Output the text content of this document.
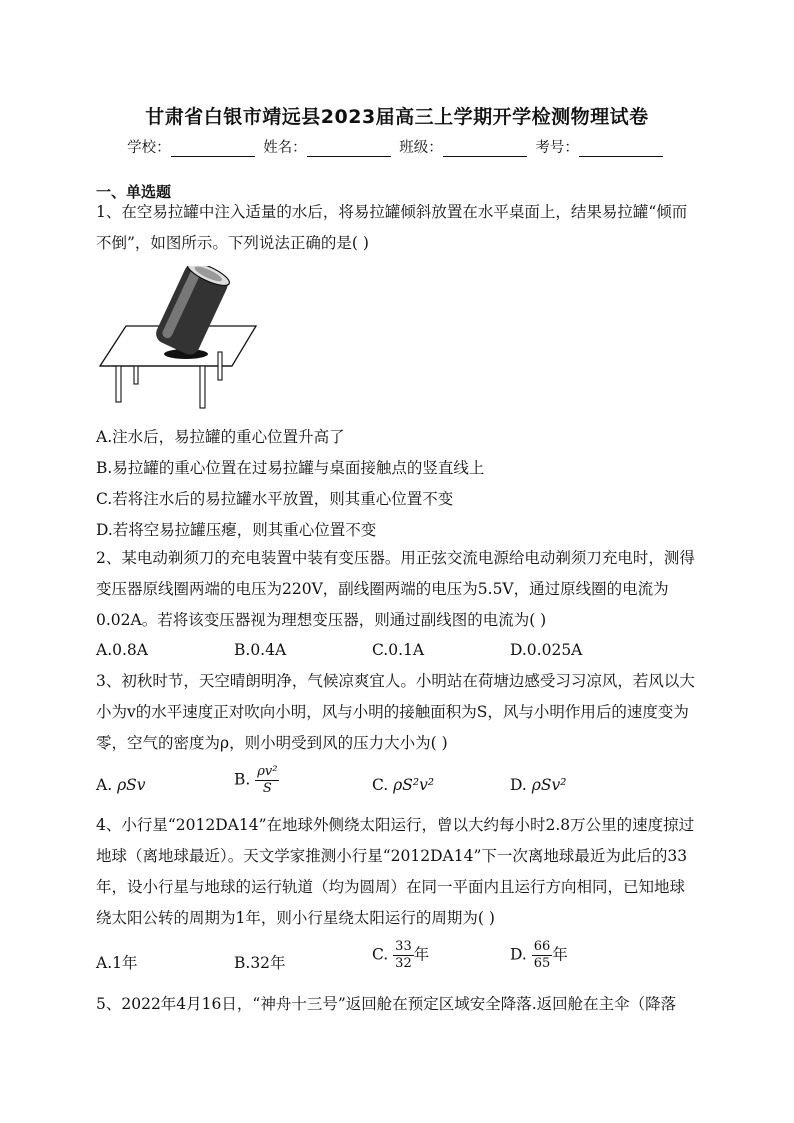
甘肃省白银市靖远县2023届高三上学期开学检测物理试卷
学校：	姓名：	班级：	考号：
一、单选题
1、在空易拉罐中注入适量的水后，将易拉罐倾斜放置在水平桌面上，结果易拉罐“倾而不倒”，如图所示。下列说法正确的是( )
A.注水后，易拉罐的重心位置升高了
B.易拉罐的重心位置在过易拉罐与桌面接触点的竖直线上
C.若将注水后的易拉罐水平放置，则其重心位置不变
D.若将空易拉罐压瘪，则其重心位置不变
2、某电动剃须刀的充电装置中装有变压器。用正弦交流电源给电动剃须刀充电时，测得变压器原线圈两端的电压为220V，副线圈两端的电压为5.5V，通过原线圈的电流为0.02A。若将该变压器视为理想变压器，则通过副线图的电流为( )
A.0.8A	B.0.4A	C.0.1A	D.0.025A
3、初秋时节，天空晴朗明净，气候凉爽宜人。小明站在荷塘边感受习习凉风，若风以大小为v的水平速度正对吹向小明，风与小明的接触面积为S，风与小明作用后的速度变为零，空气的密度为ρ，则小明受到风的压力大小为( )
A. ρSv	B. $\frac{\text{ρv²}}{S}$	C. ρS²v²	D. ρSv²
4、小行星“2012DA14”在地球外侧绕太阳运行，曾以大约每小时2.8万公里的速度掠过地球（离地球最近）。天文学家推测小行星“2012DA14”下一次离地球最近为此后的33年，设小行星与地球的运行轨道（均为圆周）在同一平面内且运行方向相同，已知地球绕太阳公转的周期为1年，则小行星绕太阳运行的周期为( )
A.1年	B.32年	C. $\frac{33}{32}$ 年	D. $\frac{66}{65}$ 年
5、2022年4月16日，“神舟十三号”返回舱在预定区域安全降落.返回舱在主伞（降落
